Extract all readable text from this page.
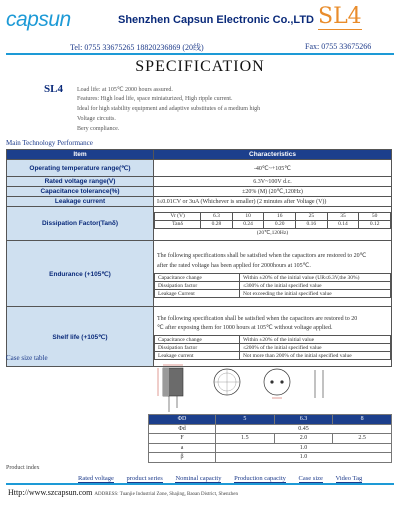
capsun	Shenzhen Capsun Electronic Co.,LTD SL4
Tel: 0755 33675265 18820236869 (20线)	Fax: 0755 33675266
SPECIFICATION
SL4 Load life: at 105℃ 2000 hours assured.
Features: High load life, space miniaturized, High ripple current.
Ideal for high stability equipment and adaptive substitutes of a medium high
Voltage circuits.
Bery compliance.
Main Technology Performance
Item	Characteristics
Operating temperature range(℃)	-40℃~+105℃
Rated voltage range(V)	6.3V~100V d.c.
Capacitance tolerance(%)	±20% (M) (20℃,120Hz)
Leakage current	I≤0.01CV or 3uA (Whichever is smaller) (2 minutes after Voltage (V))
Dissipation Factor(Tanδ)	
Vr (V)	6.3	10	16	25	35	50
Tanδ	0.28	0.24	0.20	0.16	0.14	0.12
(20℃,120Hz)

Endurance (+105℃)	
The following specifications shall be satisfied when the capacitors are restored to 20℃
after the rated voltage has been applied for 2000hours at 105℃.
Capacitance change	Within ±20% of the initial value (UR≤6.3V,the 30%)
Dissipation factor	≤300% of the initial specified value
Leakage Current	Not exceeding the initial specified value

Shelf life (+105℃)	
The following specification shall be satisfied when the capacitors are restored to 20
℃ after exposing them for 1000 hours at 105℃ without voltage applied.
Capacitance change	Within ±20% of the initial value
Dissipation factor	≤200% of the initial specified value
Leakage current	Not more than 200% of the initial specified value
Case size table
ΦD	5	6.3	8
Φd	0.45		
F	1.5	2.0	2.5
a	1.0		
β	1.0		
Product index
Rated voltage product series Nominal capacity Production capacity Case size Video Tag
Http://www.szcapsun.com ADDRESS: Tuanjie Industrial Zone, Shajing, Baoan District, Shenzhen
